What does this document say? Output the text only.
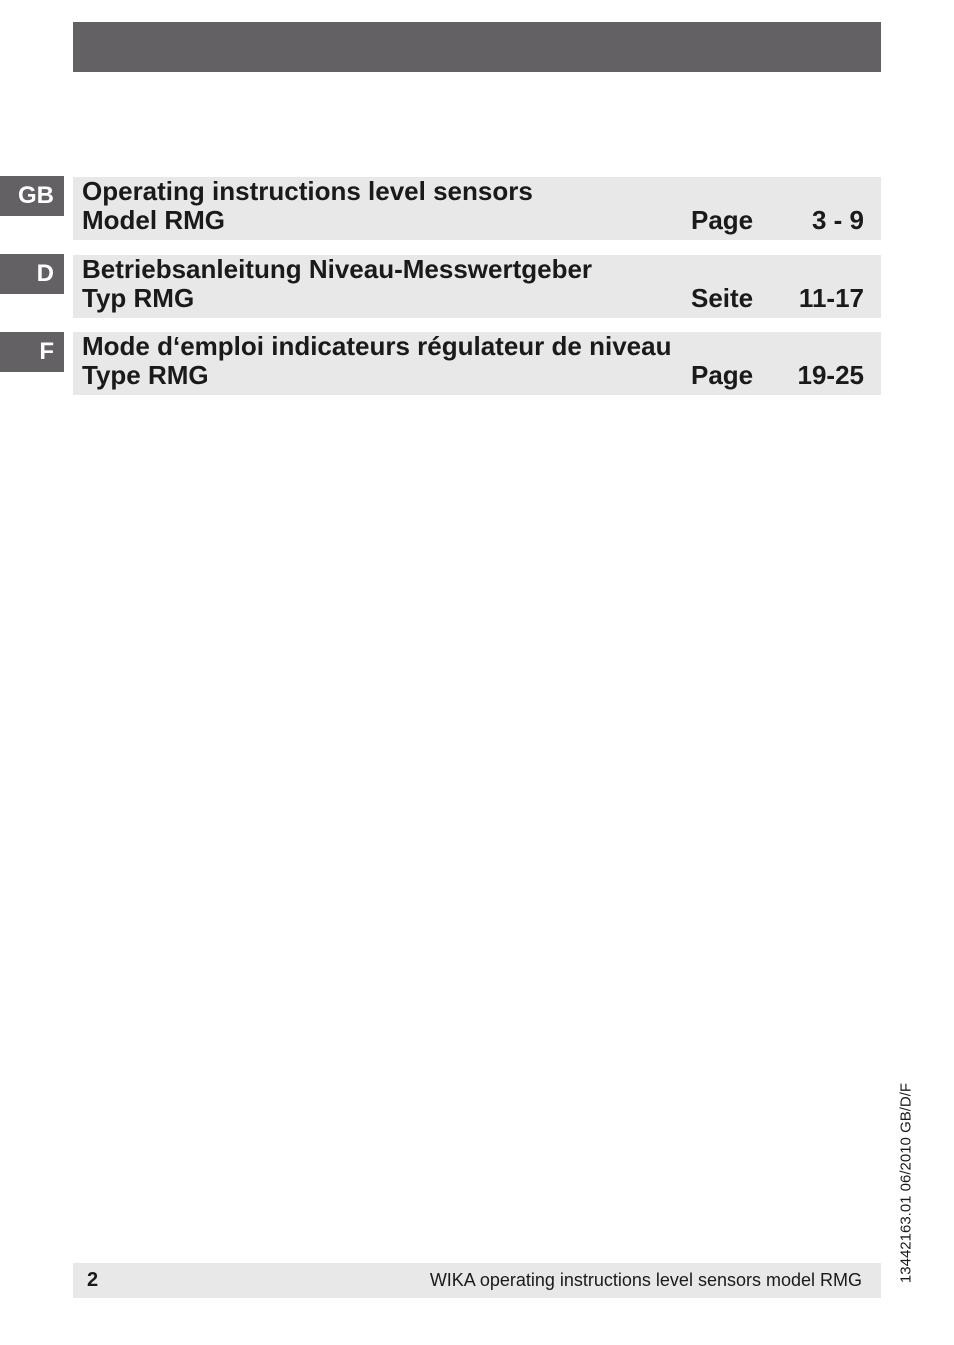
GB	Operating instructions level sensors
Model RMG	Page 3 - 9
D	Betriebsanleitung Niveau-Messwertgeber
Typ RMG	Seite 11-17
F	Mode d‘emploi indicateurs régulateur de niveau
Type RMG	Page 19-25
13442163.01 06/2010 GB/D/F
2	WIKA operating instructions level sensors model RMG
